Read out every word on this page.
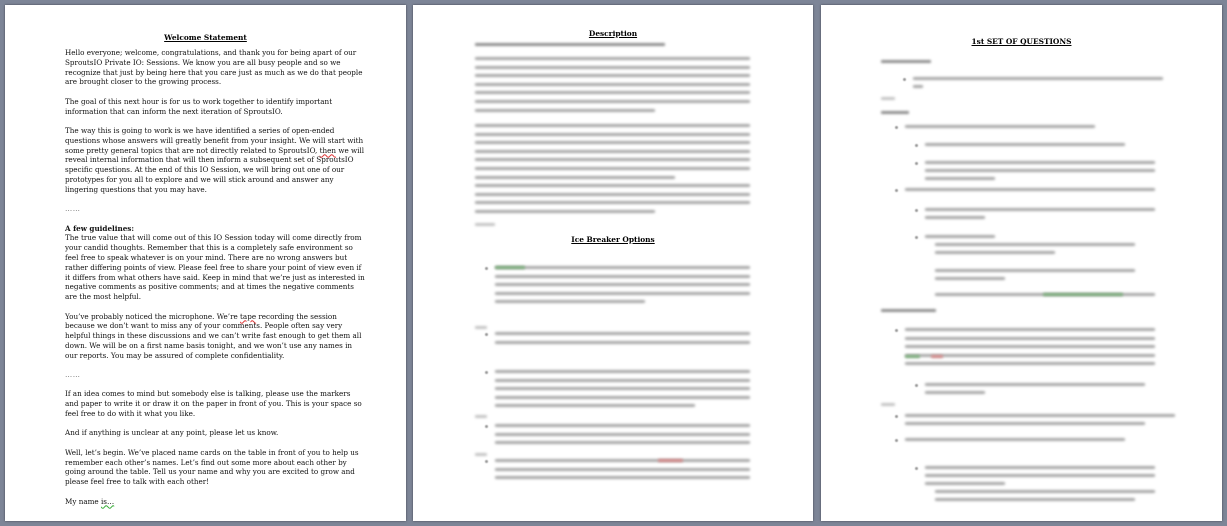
Welcome Statement

Hello everyone; welcome, congratulations, and thank you for being apart of our SproutsIO Private IO: Sessions. We know you are all busy people and so we recognize that just by being here that you care just as much as we do that people are brought closer to the growing process.

The goal of this next hour is for us to work together to identify important information that can inform the next iteration of SproutsIO.

The way this is going to work is we have identified a series of open-ended questions whose answers will greatly benefit from your insight. We will start with some pretty general topics that are not directly related to SproutsIO, then we will reveal internal information that will then inform a subsequent set of SproutsIO specific questions. At the end of this IO Session, we will bring out one of our prototypes for you all to explore and we will stick around and answer any lingering questions that you may have.

……

A few guidelines:

The true value that will come out of this IO Session today will come directly from your candid thoughts. Remember that this is a completely safe environment so feel free to speak whatever is on your mind. There are no wrong answers but rather differing points of view. Please feel free to share your point of view even if it differs from what others have said. Keep in mind that we’re just as interested in negative comments as positive comments; and at times the negative comments are the most helpful.

You’ve probably noticed the microphone. We’re tape recording the session because we don’t want to miss any of your comments. People often say very helpful things in these discussions and we can’t write fast enough to get them all down. We will be on a first name basis tonight, and we won’t use any names in our reports. You may be assured of complete confidentiality.

……

If an idea comes to mind but somebody else is talking, please use the markers and paper to write it or draw it on the paper in front of you. This is your space so feel free to do with it what you like.

And if anything is unclear at any point, please let us know.

Well, let’s begin. We’ve placed name cards on the table in front of you to help us remember each other’s names. Let’s find out some more about each other by going around the table. Tell us your name and why you are excited to grow and please feel free to talk with each other!

My name is…

Description
Ice Breaker Options
1st SET OF QUESTIONS
